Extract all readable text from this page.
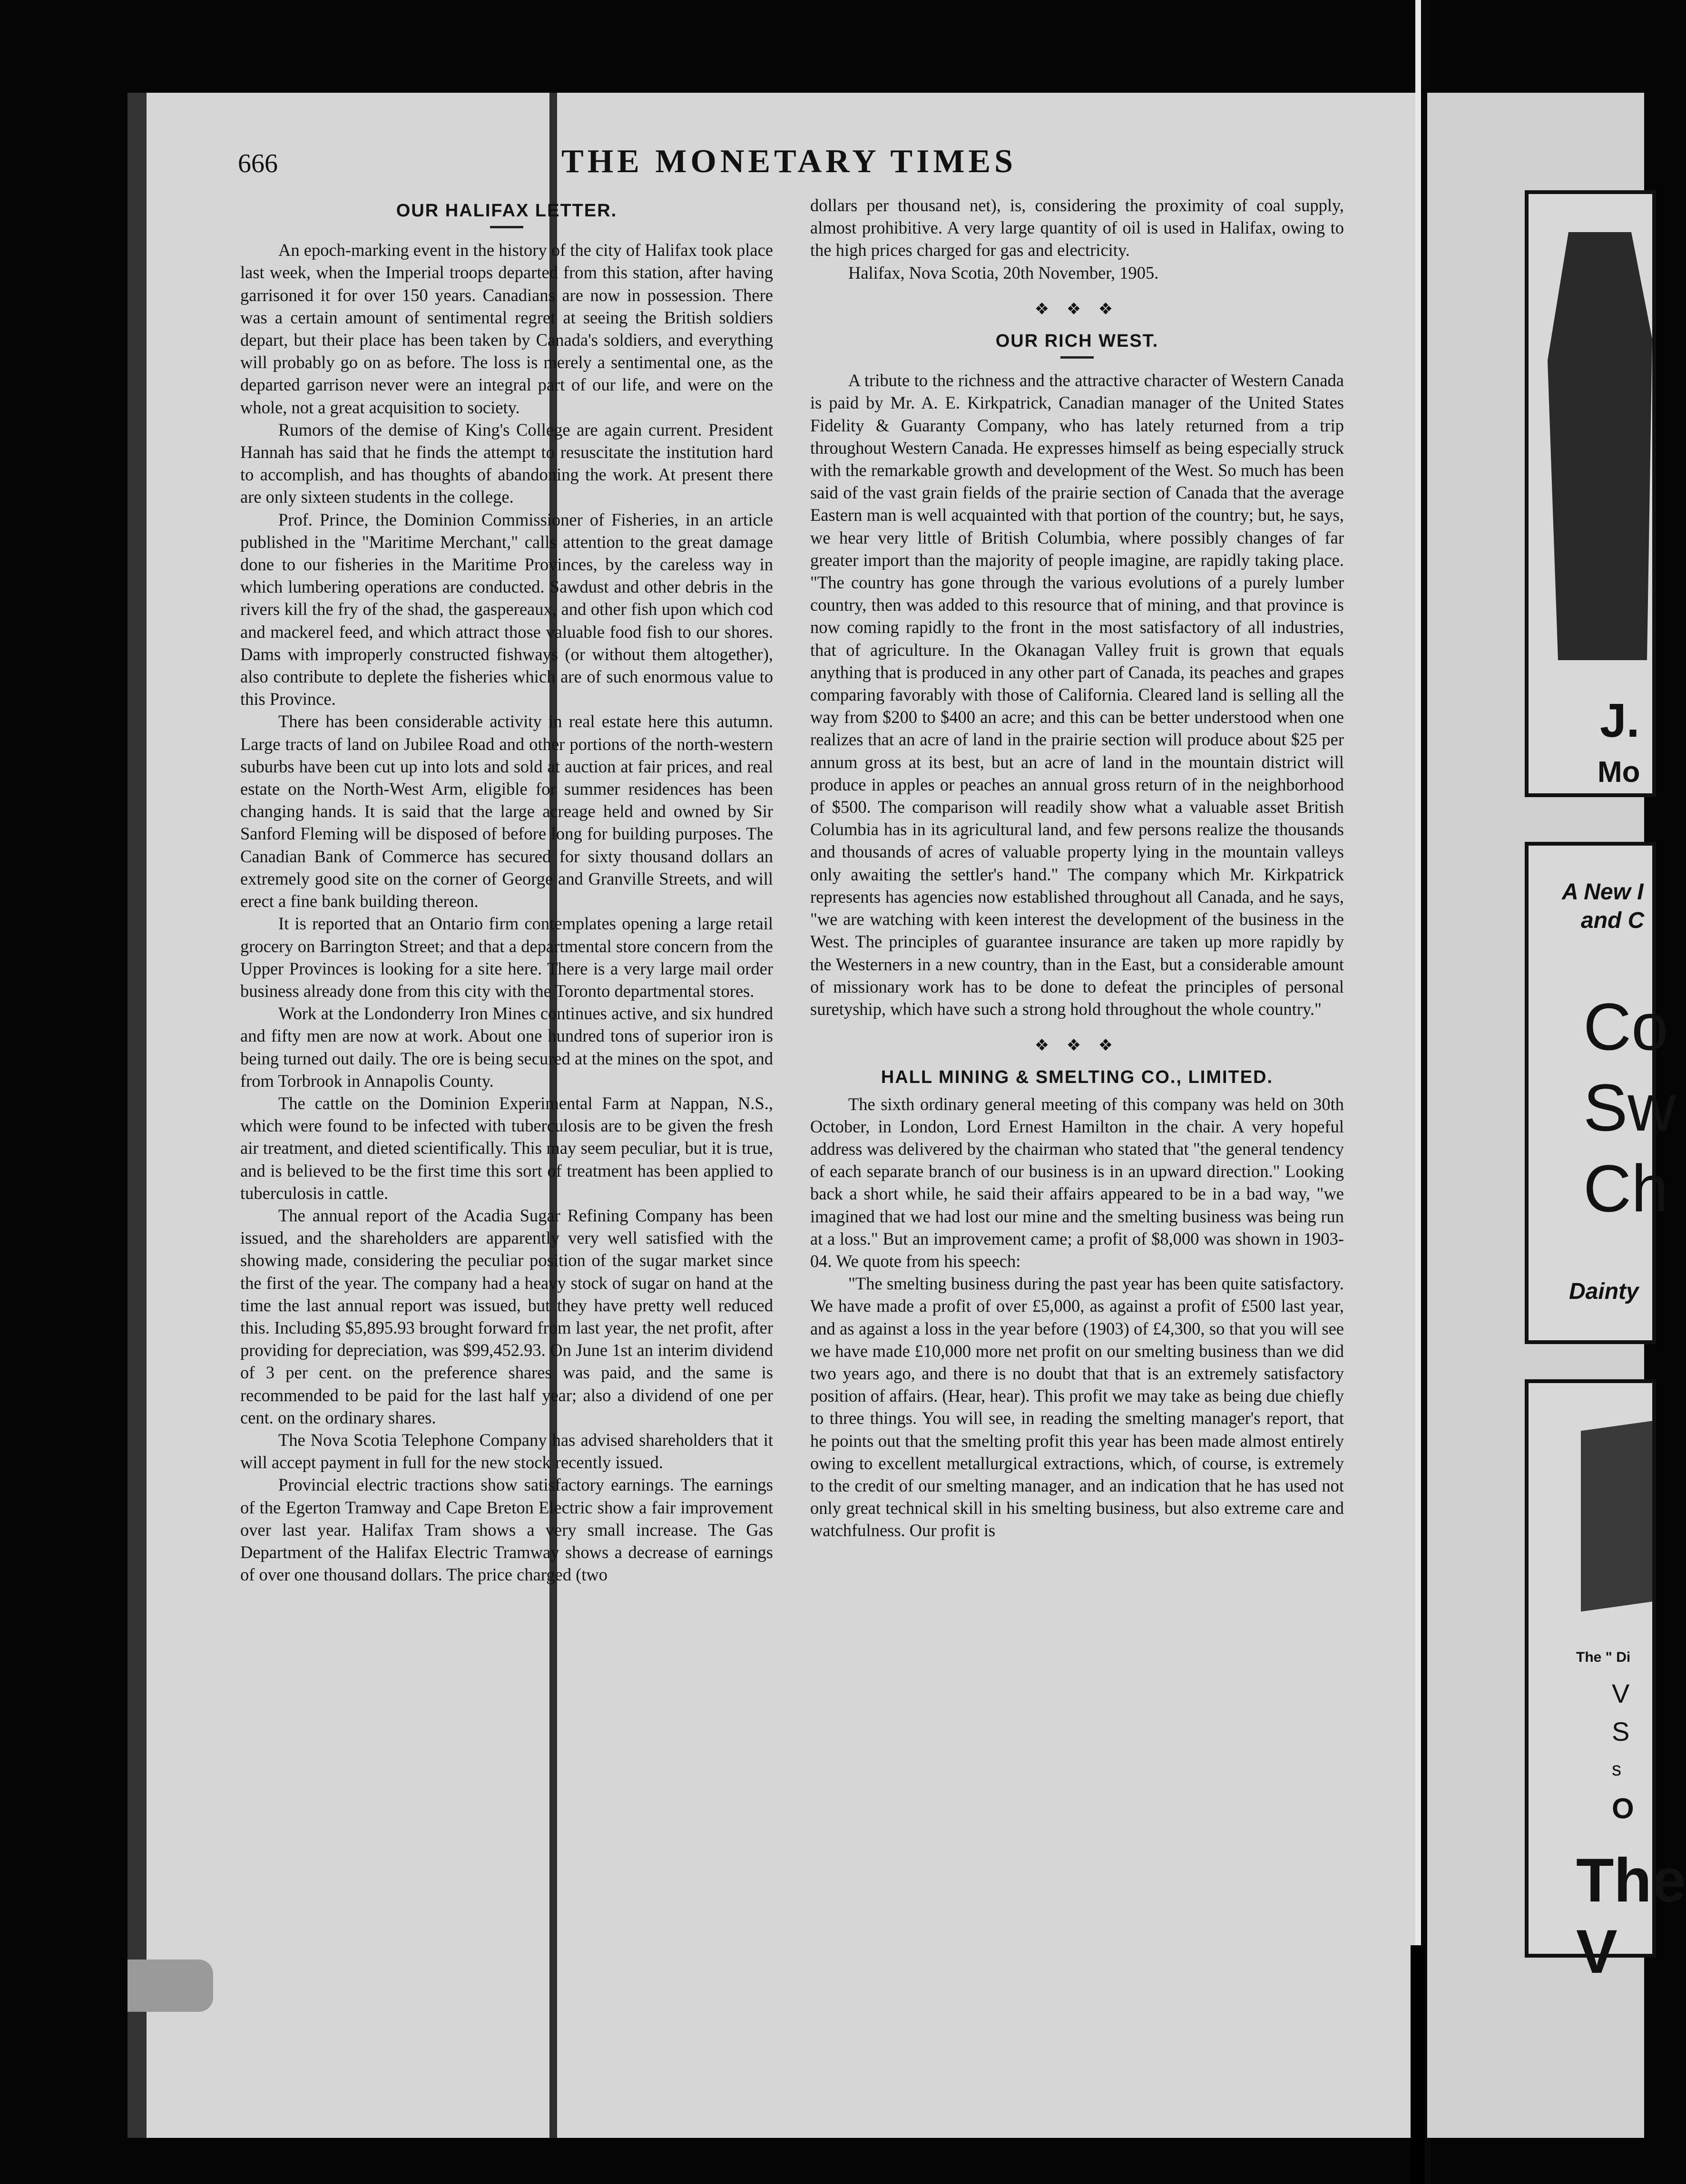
666	THE MONETARY TIMES
OUR HALIFAX LETTER.

An epoch-marking event in the history of the city of Halifax took place last week, when the Imperial troops departed from this station, after having garrisoned it for over 150 years. Canadians are now in possession. There was a certain amount of sentimental regret at seeing the British soldiers depart, but their place has been taken by Canada's soldiers, and everything will probably go on as before. The loss is merely a sentimental one, as the departed garrison never were an integral part of our life, and were on the whole, not a great acquisition to society.

Rumors of the demise of King's College are again current. President Hannah has said that he finds the attempt to resuscitate the institution hard to accomplish, and has thoughts of abandoning the work. At present there are only sixteen students in the college.

Prof. Prince, the Dominion Commissioner of Fisheries, in an article published in the "Maritime Merchant," calls attention to the great damage done to our fisheries in the Maritime Provinces, by the careless way in which lumbering operations are conducted. Sawdust and other debris in the rivers kill the fry of the shad, the gaspereaux, and other fish upon which cod and mackerel feed, and which attract those valuable food fish to our shores. Dams with improperly constructed fishways (or without them altogether), also contribute to deplete the fisheries which are of such enormous value to this Province.

There has been considerable activity in real estate here this autumn. Large tracts of land on Jubilee Road and other portions of the north-western suburbs have been cut up into lots and sold at auction at fair prices, and real estate on the North-West Arm, eligible for summer residences has been changing hands. It is said that the large acreage held and owned by Sir Sanford Fleming will be disposed of before long for building purposes. The Canadian Bank of Commerce has secured for sixty thousand dollars an extremely good site on the corner of George and Granville Streets, and will erect a fine bank building thereon.

It is reported that an Ontario firm contemplates opening a large retail grocery on Barrington Street; and that a departmental store concern from the Upper Provinces is looking for a site here. There is a very large mail order business already done from this city with the Toronto departmental stores.

Work at the Londonderry Iron Mines continues active, and six hundred and fifty men are now at work. About one hundred tons of superior iron is being turned out daily. The ore is being secured at the mines on the spot, and from Torbrook in Annapolis County.

The cattle on the Dominion Experimental Farm at Nappan, N.S., which were found to be infected with tuberculosis are to be given the fresh air treatment, and dieted scientifically. This may seem peculiar, but it is true, and is believed to be the first time this sort of treatment has been applied to tuberculosis in cattle.

The annual report of the Acadia Sugar Refining Company has been issued, and the shareholders are apparently very well satisfied with the showing made, considering the peculiar position of the sugar market since the first of the year. The company had a heavy stock of sugar on hand at the time the last annual report was issued, but they have pretty well reduced this. Including $5,895.93 brought forward from last year, the net profit, after providing for depreciation, was $99,452.93. On June 1st an interim dividend of 3 per cent. on the preference shares was paid, and the same is recommended to be paid for the last half year; also a dividend of one per cent. on the ordinary shares.

The Nova Scotia Telephone Company has advised shareholders that it will accept payment in full for the new stock recently issued.

Provincial electric tractions show satisfactory earnings. The earnings of the Egerton Tramway and Cape Breton Electric show a fair improvement over last year. Halifax Tram shows a very small increase. The Gas Department of the Halifax Electric Tramway shows a decrease of earnings of over one thousand dollars. The price charged (two

dollars per thousand net), is, considering the proximity of coal supply, almost prohibitive. A very large quantity of oil is used in Halifax, owing to the high prices charged for gas and electricity.

Halifax, Nova Scotia, 20th November, 1905.

❖ ❖ ❖
OUR RICH WEST.

A tribute to the richness and the attractive character of Western Canada is paid by Mr. A. E. Kirkpatrick, Canadian manager of the United States Fidelity & Guaranty Company, who has lately returned from a trip throughout Western Canada. He expresses himself as being especially struck with the remarkable growth and development of the West. So much has been said of the vast grain fields of the prairie section of Canada that the average Eastern man is well acquainted with that portion of the country; but, he says, we hear very little of British Columbia, where possibly changes of far greater import than the majority of people imagine, are rapidly taking place. "The country has gone through the various evolutions of a purely lumber country, then was added to this resource that of mining, and that province is now coming rapidly to the front in the most satisfactory of all industries, that of agriculture. In the Okanagan Valley fruit is grown that equals anything that is produced in any other part of Canada, its peaches and grapes comparing favorably with those of California. Cleared land is selling all the way from $200 to $400 an acre; and this can be better understood when one realizes that an acre of land in the prairie section will produce about $25 per annum gross at its best, but an acre of land in the mountain district will produce in apples or peaches an annual gross return of in the neighborhood of $500. The comparison will readily show what a valuable asset British Columbia has in its agricultural land, and few persons realize the thousands and thousands of acres of valuable property lying in the mountain valleys only awaiting the settler's hand." The company which Mr. Kirkpatrick represents has agencies now established throughout all Canada, and he says, "we are watching with keen interest the development of the business in the West. The principles of guarantee insurance are taken up more rapidly by the Westerners in a new country, than in the East, but a considerable amount of missionary work has to be done to defeat the principles of personal suretyship, which have such a strong hold throughout the whole country."

❖ ❖ ❖
HALL MINING & SMELTING CO., LIMITED.

The sixth ordinary general meeting of this company was held on 30th October, in London, Lord Ernest Hamilton in the chair. A very hopeful address was delivered by the chairman who stated that "the general tendency of each separate branch of our business is in an upward direction." Looking back a short while, he said their affairs appeared to be in a bad way, "we imagined that we had lost our mine and the smelting business was being run at a loss." But an improvement came; a profit of $8,000 was shown in 1903-04. We quote from his speech:

"The smelting business during the past year has been quite satisfactory. We have made a profit of over £5,000, as against a profit of £500 last year, and as against a loss in the year before (1903) of £4,300, so that you will see we have made £10,000 more net profit on our smelting business than we did two years ago, and there is no doubt that that is an extremely satisfactory position of affairs. (Hear, hear). This profit we may take as being due chiefly to three things. You will see, in reading the smelting manager's report, that he points out that the smelting profit this year has been made almost entirely owing to excellent metallurgical extractions, which, of course, is extremely to the credit of our smelting manager, and an indication that he has used not only great technical skill in his smelting business, but also extreme care and watchfulness. Our profit is

J.
Mo
A New I
and C
Co
Sw
Ch
Dainty
The " Di
V
S
s
O
The V
